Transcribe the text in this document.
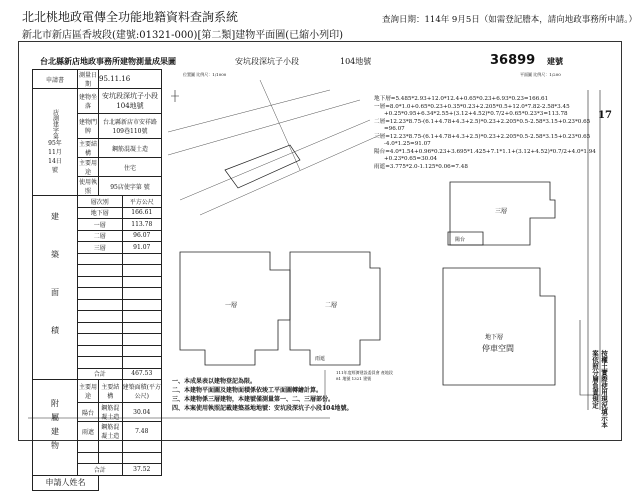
北北桃地政電傳全功能地籍資料查詢系統
新北市新店區香坡段(建號:01321-000)[第二類]建物平面圖(已縮小列印)
查詢日期：114年 9月5日（如需登記謄本，請向地政事務所申請。）
台北縣新店地政事務所建物測量成果圖	安坑段深坑子小段	104地號	36899 建號
17
位置圖 比例尺：1/1000	平面圖 比例尺：1/200
申請書	測量日期	95.11.16	

店測建字第
95年
11月
14日
號	建物坐落	安坑段深坑子小段104地號	
	建物門牌	台北縣新店市安祥路109巷110號	
	主要結構	鋼筋混凝土造	
	主要用途	住宅	
	使用執照	95店使字第 號	
建築面積	層次別		平方公尺
	地下層		166.61
	一層		113.78
	二層		96.07
	三層		91.07

	合計		467.53
附屬建物	主要用途	主要結構	建築面積(平方公尺)
	陽台	鋼筋混凝土造	30.04
	雨遮	鋼筋混凝土造	7.48

	合計		37.52
申請人姓名			
地下層=5.485*2.93+12.0*12.4+0.65*0.23+6.93*0.23=166.61
一層=8.0*1.0+0.65*0.23+0.35*0.23+2.205*0.5+12.0*7.82-2.58*3.45
+0.25*0.95+6.34*2.55+(3.12+4.52)*0.7/2+0.65*0.23*3=113.78
二層=12.23*8.75-(6.1+4.78+4.3+2.5)*0.23+2.205*0.5-2.58*3.15+0.23*0.65
=96.07
三層=12.23*8.75-(6.1+4.78+4.3+2.5)*0.23+2.205*0.5-2.58*3.15+0.23*0.65
-4.0*1.25=91.07
陽台=4.0*1.54+0.96*0.23+3.695*1.425+7.1*1.1+(3.12+4.52)*0.7/2+4.0*1.94
+0.23*0.65=30.04
雨遮=3.775*2.0-1.125*0.06=7.48
一層	二層
三層
陽台
雨遮
地下層
停車空間
111年度經濟建設委員會 產地段 81 地號 1321 建號
一、本成果表以建物登記為限。
二、本建物平面圖及建物面積係依竣工平面圖轉繪計算。
三、本建物係三層建物，本建號僅測量第一、二、三層部份。
四、本案使用執照記載建築基地地號：安坑段深坑子小段104地號。	按權土實際使用現況填示本案依照分層負責規定
